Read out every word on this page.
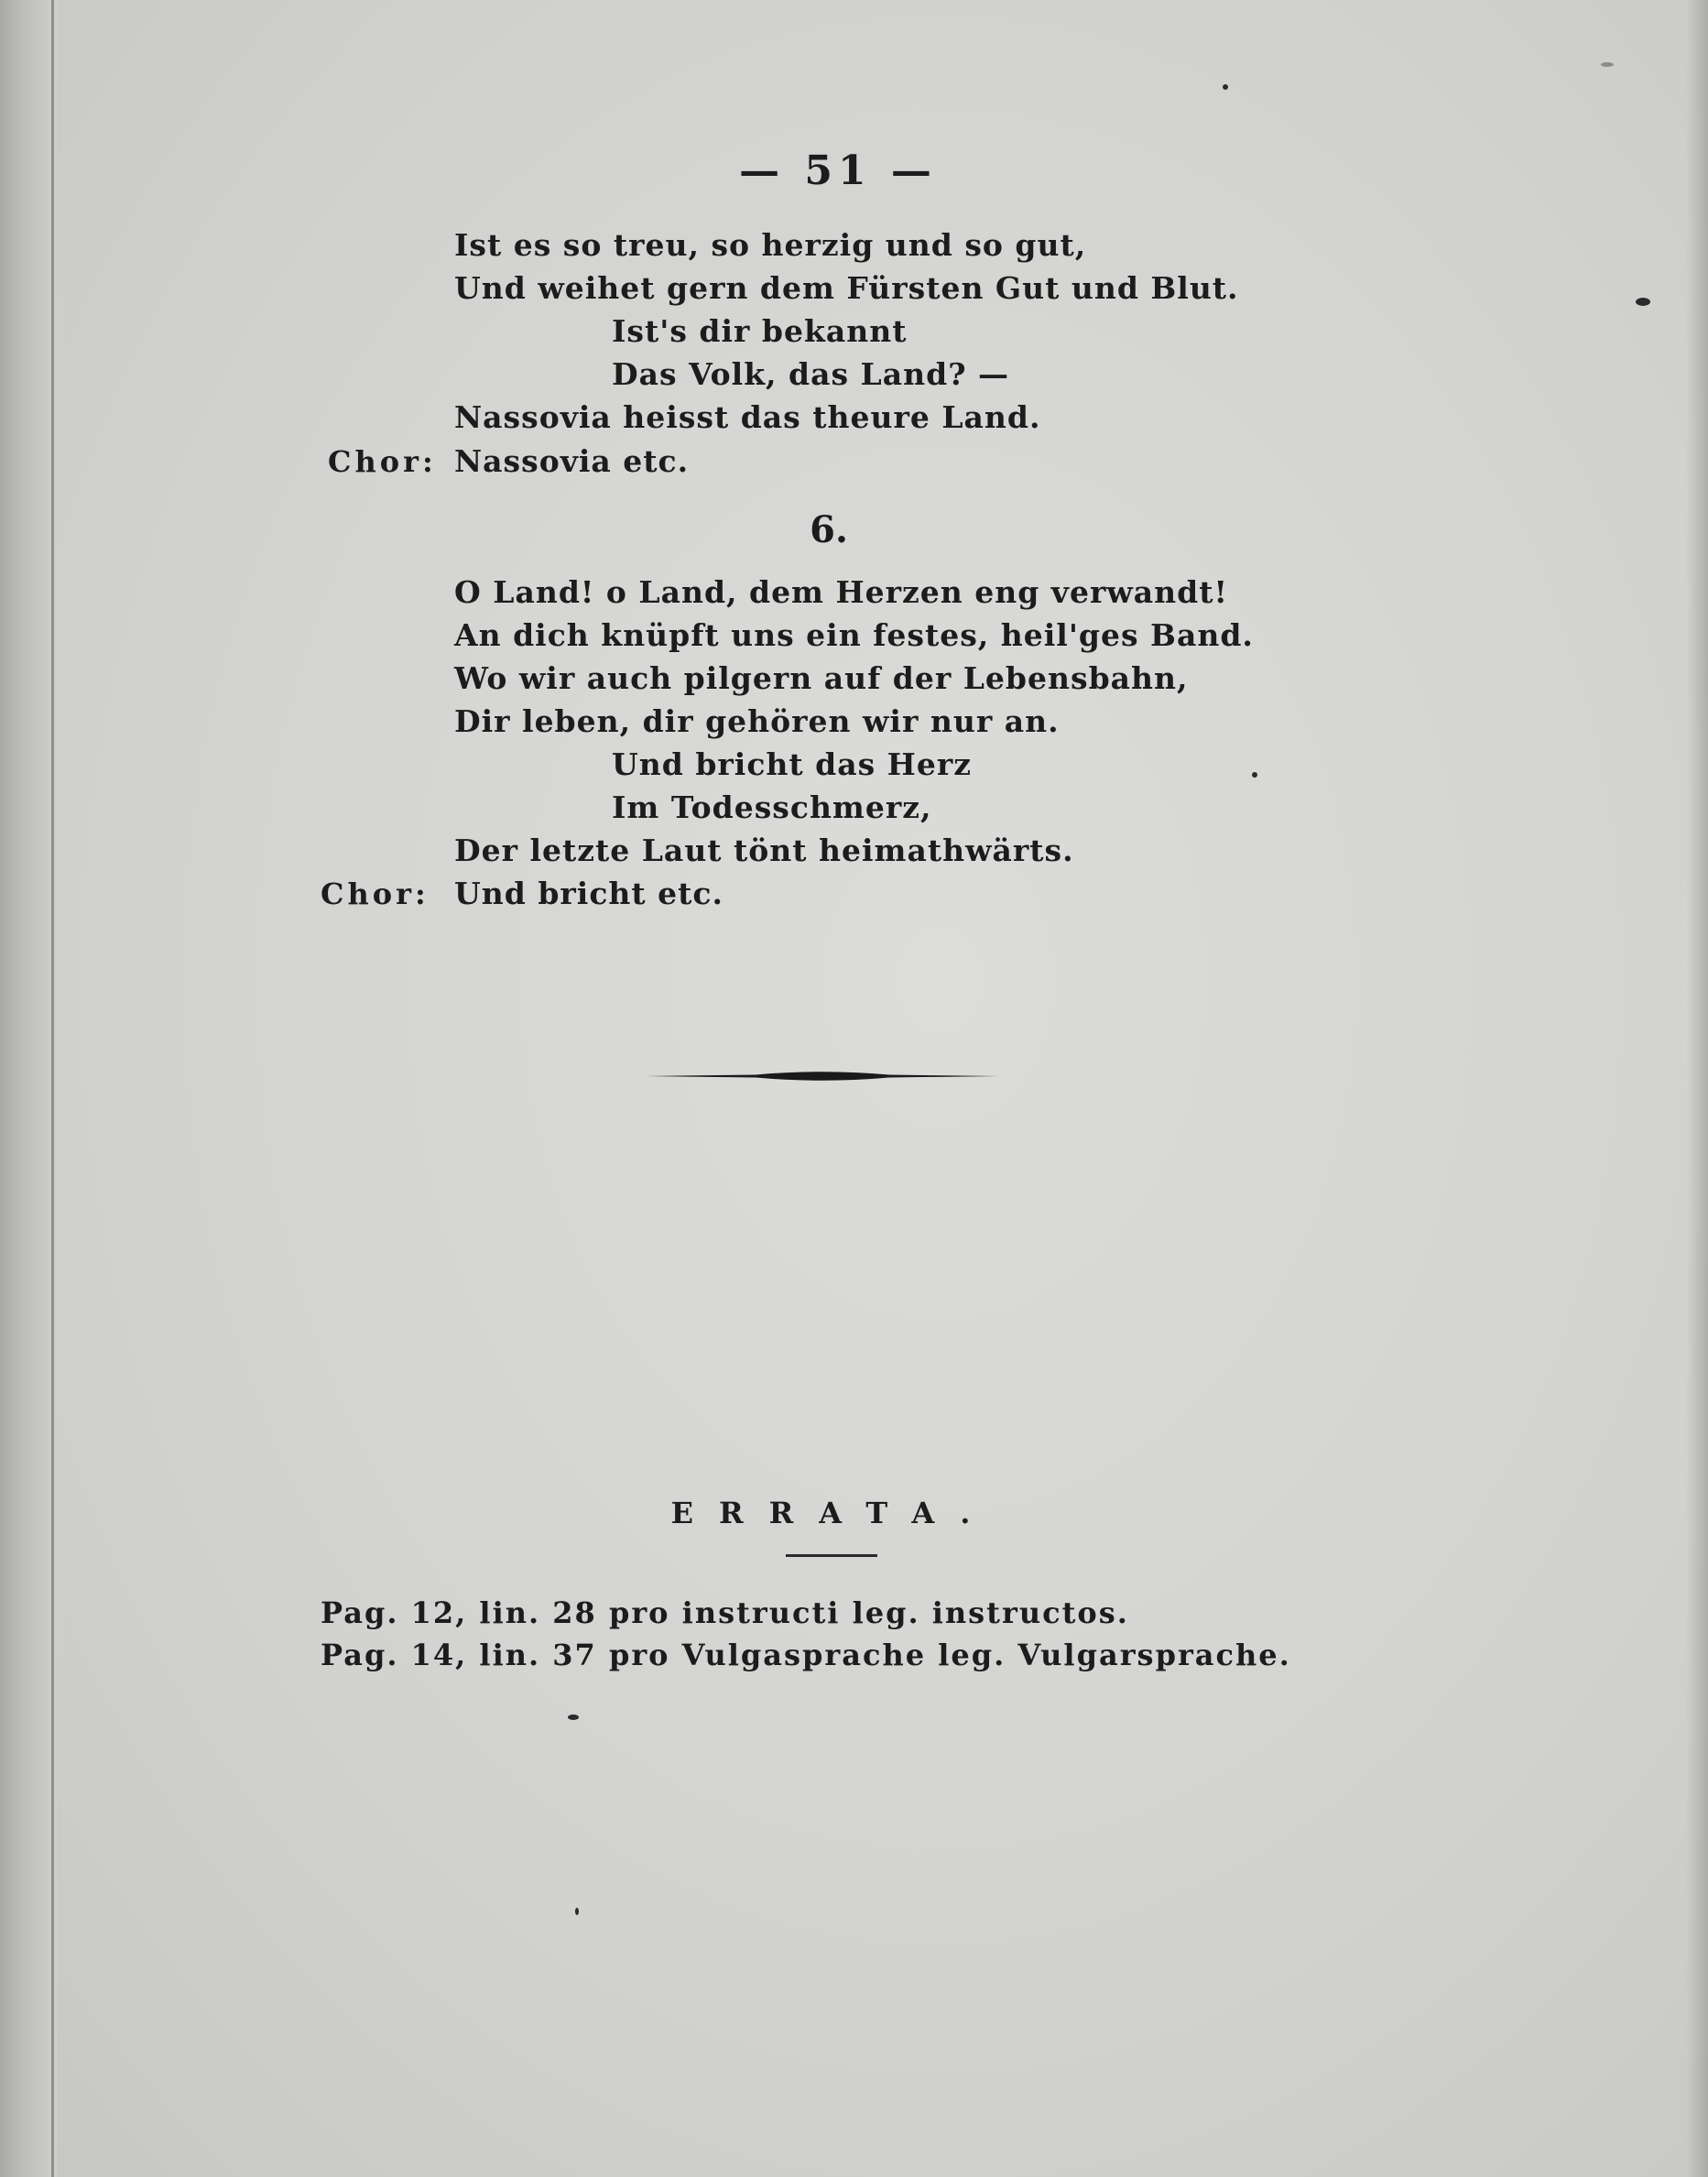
— 51 —
Ist es so treu, so herzig und so gut,
Und weihet gern dem Fürsten Gut und Blut.
Ist's dir bekannt
Das Volk, das Land? —
Nassovia heisst das theure Land.
Chor: Nassovia etc.
6.
O Land! o Land, dem Herzen eng verwandt!
An dich knüpft uns ein festes, heil'ges Band.
Wo wir auch pilgern auf der Lebensbahn,
Dir leben, dir gehören wir nur an.
Und bricht das Herz
Im Todesschmerz,
Der letzte Laut tönt heimathwärts.
Chor: Und bricht etc.
ERRATA.
Pag. 12, lin. 28 pro instructi leg. instructos.
Pag. 14, lin. 37 pro Vulgasprache leg. Vulgarsprache.
